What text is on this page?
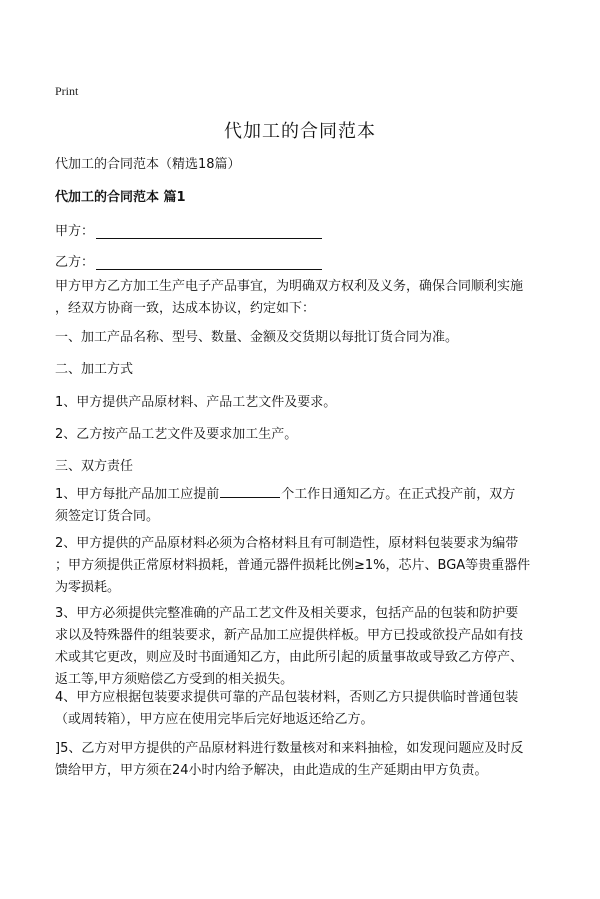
Print
代加工的合同范本
代加工的合同范本（精选18篇）
代加工的合同范本 篇1
甲方：
乙方：

甲方甲方乙方加工生产电子产品事宜，为明确双方权利及义务，确保合同顺利实施
，经双方协商一致，达成本协议，约定如下：

一、加工产品名称、型号、数量、金额及交货期以每批订货合同为准。

二、加工方式

1、甲方提供产品原材料、产品工艺文件及要求。

2、乙方按产品工艺文件及要求加工生产。

三、双方责任

1、甲方每批产品加工应提前	个工作日通知乙方。在正式投产前，双方
须签定订货合同。

2、甲方提供的产品原材料必须为合格材料且有可制造性，原材料包装要求为编带
；甲方须提供正常原材料损耗，普通元器件损耗比例≥1%，芯片、BGA等贵重器件
为零损耗。

3、甲方必须提供完整准确的产品工艺文件及相关要求，包括产品的包装和防护要
求以及特殊器件的组装要求，新产品加工应提供样板。甲方已投或欲投产品如有技
术或其它更改，则应及时书面通知乙方，由此所引起的质量事故或导致乙方停产、
返工等,甲方须赔偿乙方受到的相关损失。

4、甲方应根据包装要求提供可靠的产品包装材料，否则乙方只提供临时普通包装
（或周转箱），甲方应在使用完毕后完好地返还给乙方。

]5、乙方对甲方提供的产品原材料进行数量核对和来料抽检，如发现问题应及时反
馈给甲方，甲方须在24小时内给予解决，由此造成的生产延期由甲方负责。
